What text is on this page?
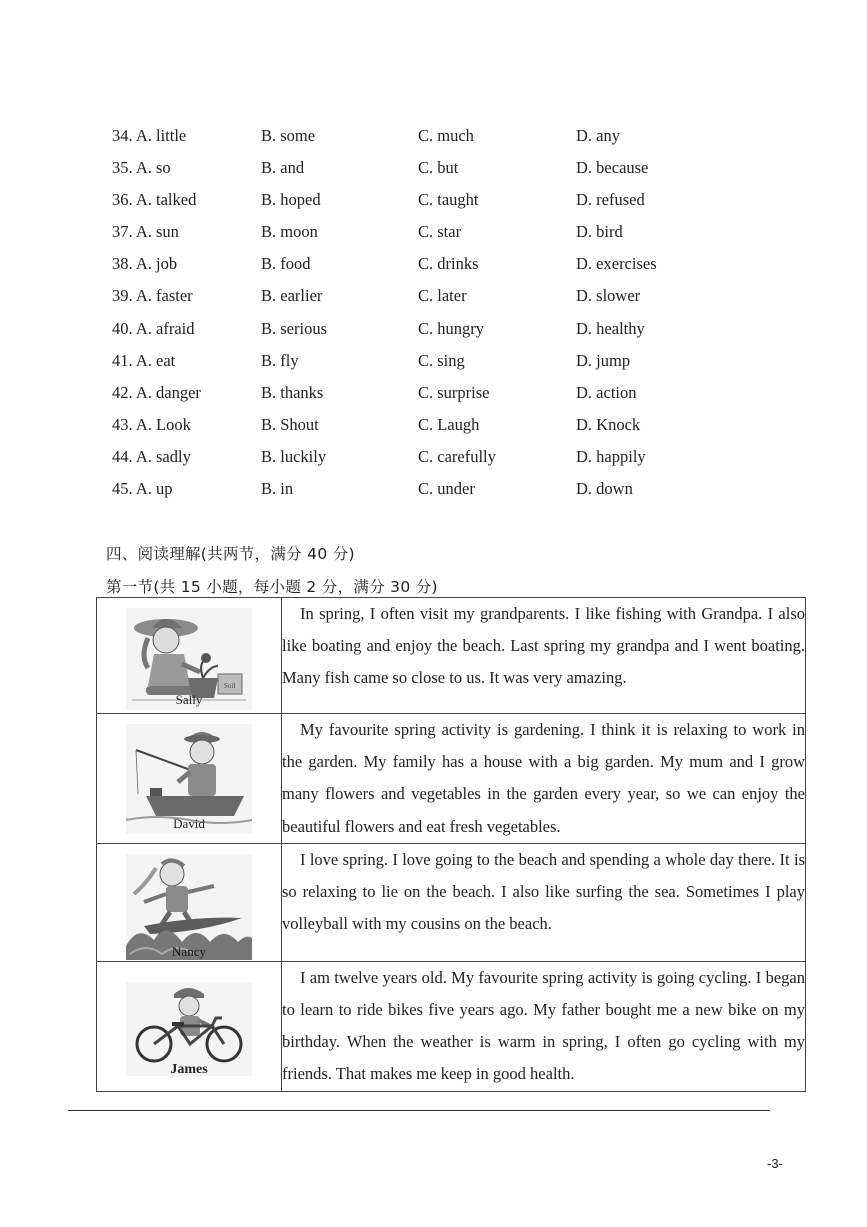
34. A. little	B. some	C. much	D. any
35. A. so	B. and	C. but	D. because
36. A. talked	B. hoped	C. taught	D. refused
37. A. sun	B. moon	C. star	D. bird
38. A. job	B. food	C. drinks	D. exercises
39. A. faster	B. earlier	C. later	D. slower
40. A. afraid	B. serious	C. hungry	D. healthy
41. A. eat	B. fly	C. sing	D. jump
42. A. danger	B. thanks	C. surprise	D. action
43. A. Look	B. Shout	C. Laugh	D. Knock
44. A. sadly	B. luckily	C. carefully	D. happily
45. A. up	B. in	C. under	D. down
四、阅读理解(共两节，满分 40 分)
第一节(共 15 小题，每小题 2 分，满分 30 分)
Soil
Sally	In spring, I often visit my grandparents. I like fishing with Grandpa. I also like boating and enjoy the beach. Last spring my grandpa and I went boating. Many fish came so close to us. It was very amazing.

David	My favourite spring activity is gardening. I think it is relaxing to work in the garden. My family has a house with a big garden. My mum and I grow many flowers and vegetables in the garden every year, so we can enjoy the beautiful flowers and eat fresh vegetables.

Nancy	I love spring. I love going to the beach and spending a whole day there. It is so relaxing to lie on the beach. I also like surfing the sea. Sometimes I play volleyball with my cousins on the beach.

James	I am twelve years old. My favourite spring activity is going cycling. I began to learn to ride bikes five years ago. My father bought me a new bike on my birthday. When the weather is warm in spring, I often go cycling with my friends. That makes me keep in good health.
-3-
